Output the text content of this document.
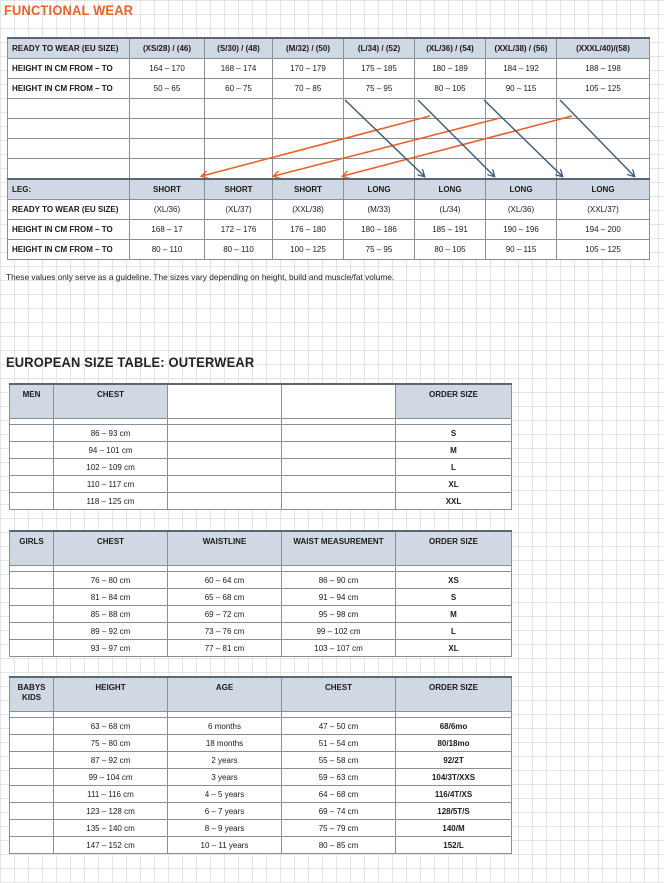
FUNCTIONAL WEAR
READY TO WEAR (EU SIZE)	(XS/28) / (46)	(S/30) / (48)	(M/32) / (50)	(L/34) / (52)	(XL/36) / (54)	(XXL/38) / (56)	(XXXL/40)/(58)
HEIGHT IN CM FROM – TO	164 – 170	168 – 174	170 – 179	175 – 185	180 – 189	184 – 192	188 – 198
HEIGHT IN CM FROM – TO	50 – 65	60 – 75	70 – 85	75 – 95	80 – 105	90 – 115	105 – 125

LEG:	SHORT	SHORT	SHORT	LONG	LONG	LONG	LONG
READY TO WEAR (EU SIZE)	(XL/36)	(XL/37)	(XXL/38)	(M/33)	(L/34)	(XL/36)	(XXL/37)
HEIGHT IN CM FROM – TO	168 – 17	172 – 176	176 – 180	180 – 186	185 – 191	190 – 196	194 – 200
HEIGHT IN CM FROM – TO	80 – 110	80 – 110	100 – 125	75 – 95	80 – 105	90 – 115	105 – 125
These values only serve as a guideline. The sizes vary depending on height, build and muscle/fat volume.
EUROPEAN SIZE TABLE: OUTERWEAR
MEN	CHEST			ORDER SIZE

	86 – 93 cm			S
	94 – 101 cm			M
	102 – 109 cm			L
	110 – 117 cm			XL
	118 – 125 cm			XXL
GIRLS	CHEST	WAISTLINE	WAIST MEASUREMENT	ORDER SIZE

	76 – 80 cm	60 – 64 cm	86 – 90 cm	XS
	81 – 84 cm	65 – 68 cm	91 – 94 cm	S
	85 – 88 cm	69 – 72 cm	95 – 98 cm	M
	89 – 92 cm	73 – 76 cm	99 – 102 cm	L
	93 – 97 cm	77 – 81 cm	103 – 107 cm	XL
BABYS KIDS	HEIGHT	AGE	CHEST	ORDER SIZE

	63 – 68 cm	6 months	47 – 50 cm	68/6mo
	75 – 80 cm	18 months	51 – 54 cm	80/18mo
	87 – 92 cm	2 years	55 – 58 cm	92/2T
	99 – 104 cm	3 years	59 – 63 cm	104/3T/XXS
	111 – 116 cm	4 – 5 years	64 – 68 cm	116/4T/XS
	123 – 128 cm	6 – 7 years	69 – 74 cm	128/5T/S
	135 – 140 cm	8 – 9 years	75 – 79 cm	140/M
	147 – 152 cm	10 – 11 years	80 – 85 cm	152/L
